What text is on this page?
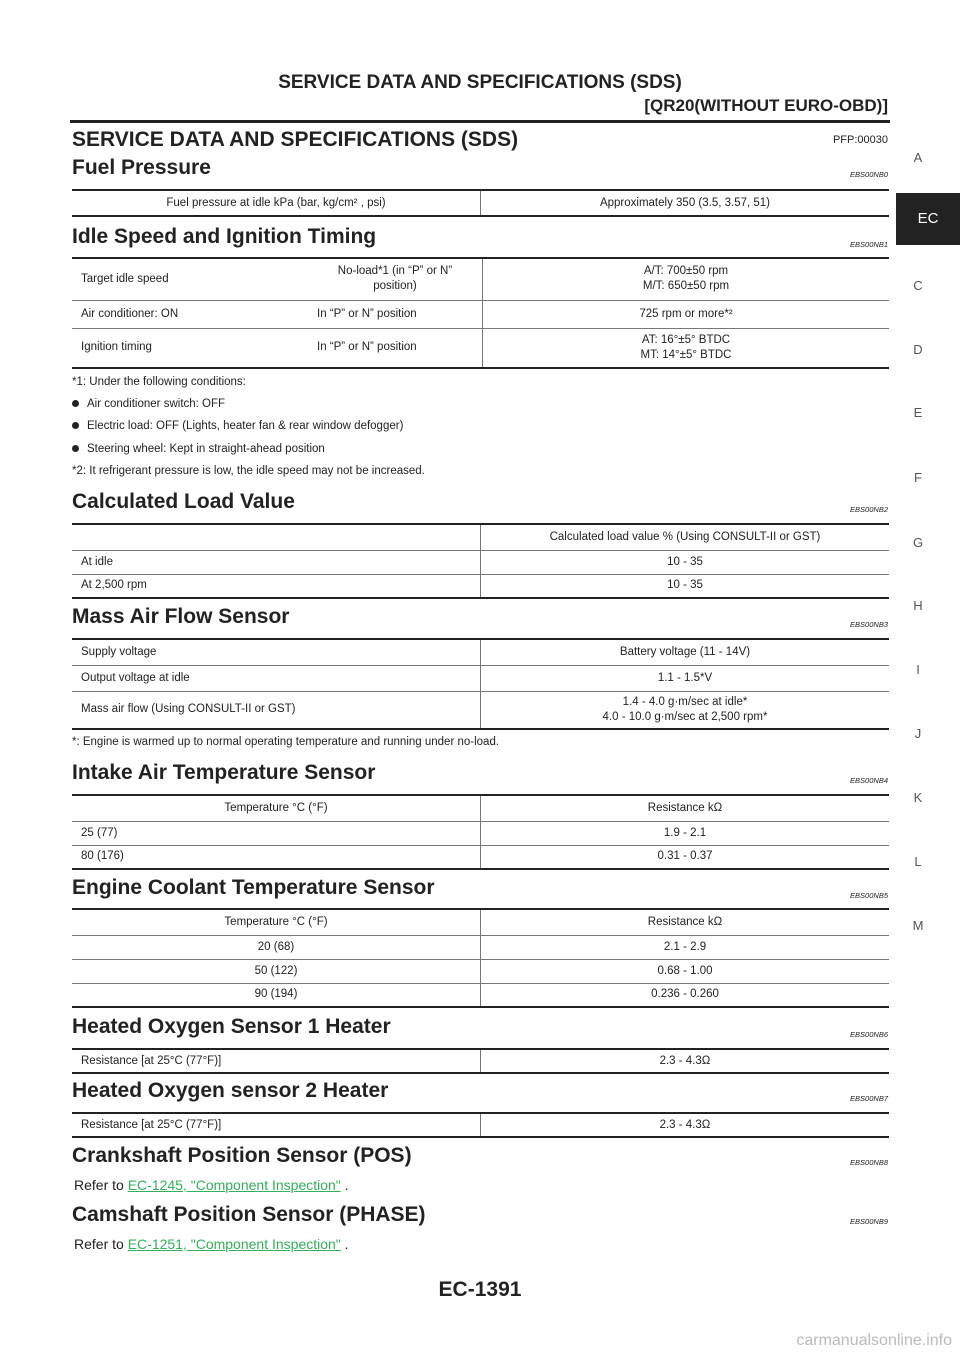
SERVICE DATA AND SPECIFICATIONS (SDS)
[QR20(WITHOUT EURO-OBD)]
SERVICE DATA AND SPECIFICATIONS (SDS)	PFP:00030
A
EC
C
D
E
F
G
H
I
J
K
L
M
Fuel Pressure	EBS00NB0
Fuel pressure at idle kPa (bar, kg/cm² , psi)	Approximately 350 (3.5, 3.57, 51)
Idle Speed and Ignition Timing	EBS00NB1
Target idle speed	No-load*1 (in “P” or N” position)	A/T: 700±50 rpm
M/T: 650±50 rpm

Air conditioner: ON	In “P” or N” position	725 rpm or more*²
Ignition timing	In “P” or N” position	AT: 16°±5° BTDC
MT: 14°±5° BTDC
*1: Under the following conditions:
Air conditioner switch: OFF
Electric load: OFF (Lights, heater fan & rear window defogger)
Steering wheel: Kept in straight-ahead position
*2: It refrigerant pressure is low, the idle speed may not be increased.
Calculated Load Value	EBS00NB2
	Calculated load value % (Using CONSULT-II or GST)
At idle	10 - 35
At 2,500 rpm	10 - 35
Mass Air Flow Sensor	EBS00NB3
Supply voltage	Battery voltage (11 - 14V)
Output voltage at idle	1.1 - 1.5*V
Mass air flow (Using CONSULT-II or GST)	1.4 - 4.0 g·m/sec at idle*
4.0 - 10.0 g·m/sec at 2,500 rpm*
*: Engine is warmed up to normal operating temperature and running under no-load.
Intake Air Temperature Sensor	EBS00NB4
Temperature °C (°F)	Resistance kΩ
25 (77)	1.9 - 2.1
80 (176)	0.31 - 0.37
Engine Coolant Temperature Sensor	EBS00NB5
Temperature °C (°F)	Resistance kΩ
20 (68)	2.1 - 2.9
50 (122)	0.68 - 1.00
90 (194)	0.236 - 0.260
Heated Oxygen Sensor 1 Heater	EBS00NB6
Resistance [at 25°C (77°F)]	2.3 - 4.3Ω
Heated Oxygen sensor 2 Heater	EBS00NB7
Resistance [at 25°C (77°F)]	2.3 - 4.3Ω
Crankshaft Position Sensor (POS)	EBS00NB8
Refer to EC-1245, "Component Inspection" .
Camshaft Position Sensor (PHASE)	EBS00NB9
Refer to EC-1251, "Component Inspection" .
EC-1391
carmanualsonline.info
